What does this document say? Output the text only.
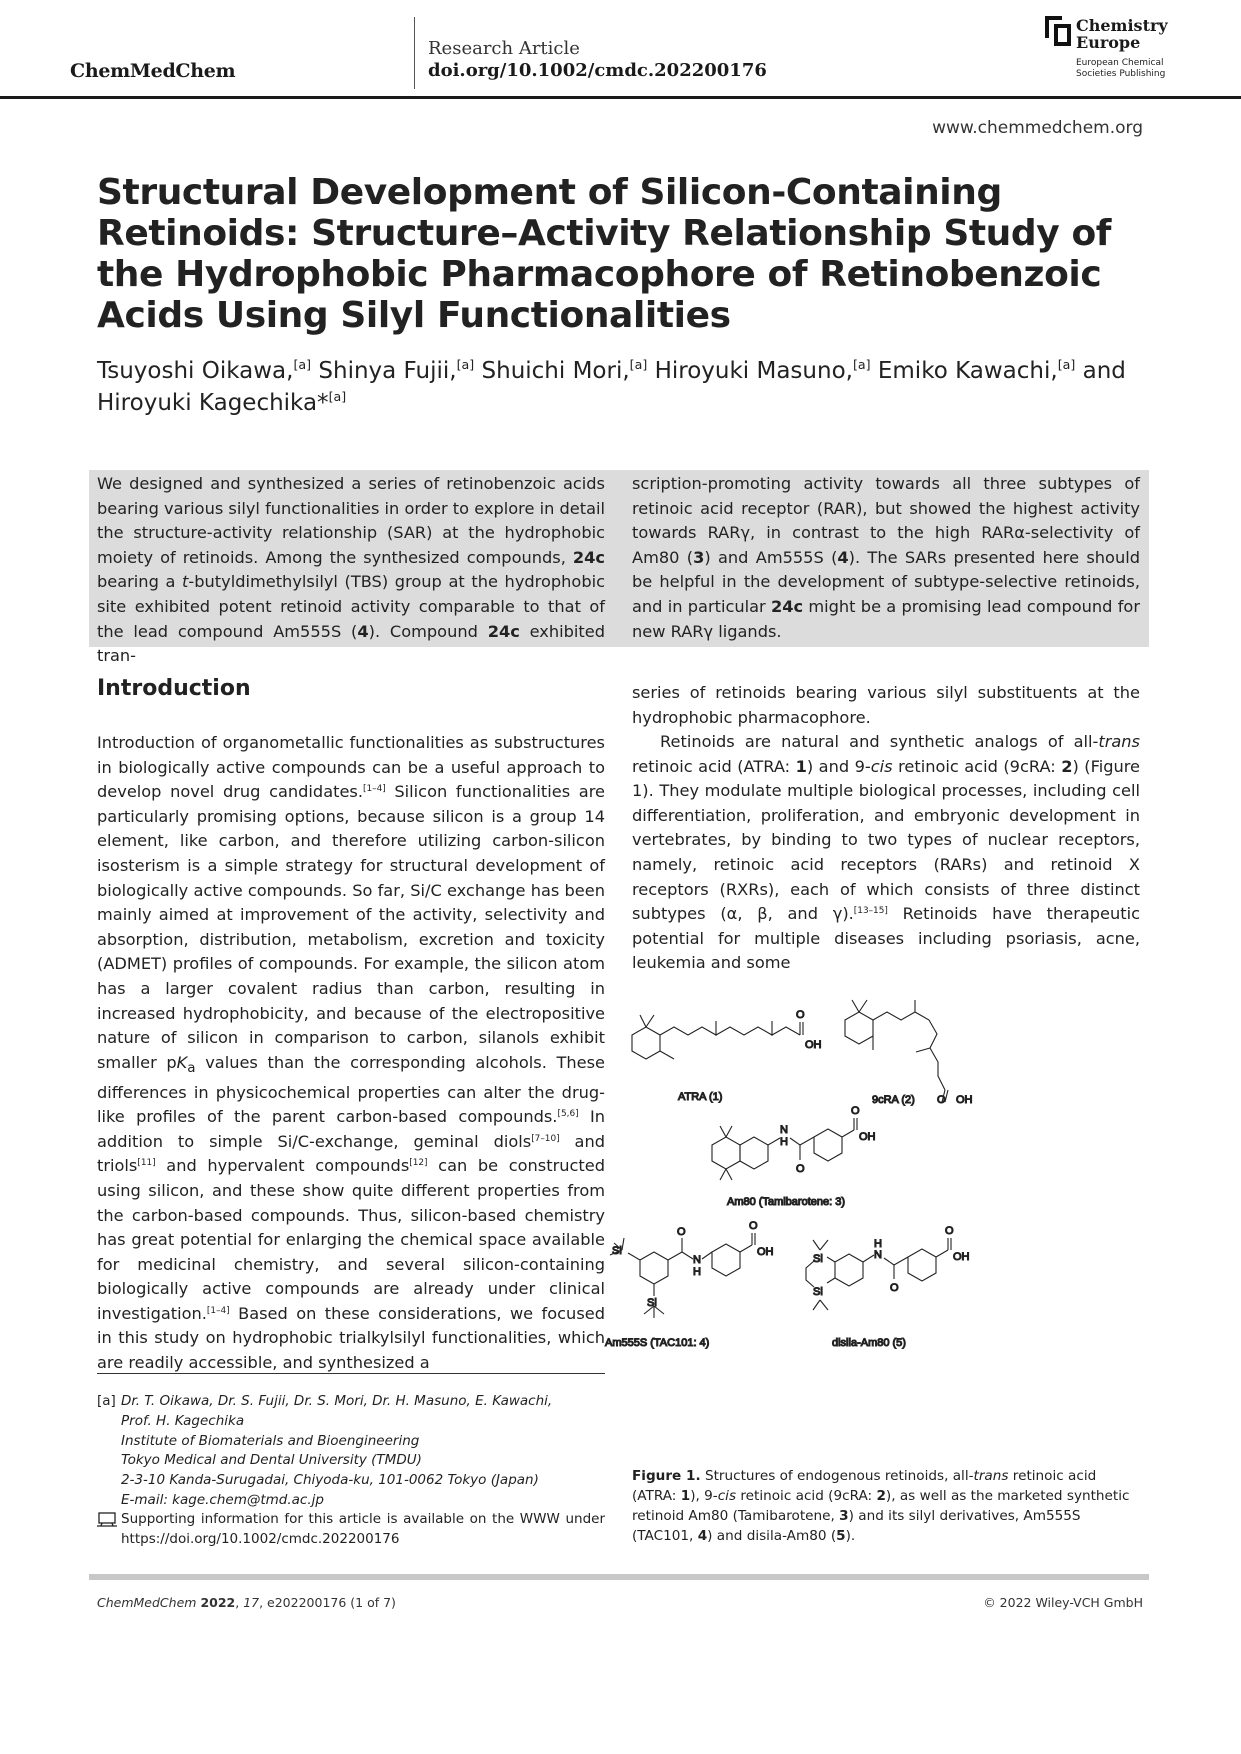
ChemMedChem
Research Article
doi.org/10.1002/cmdc.202200176
Chemistry
Europe
European Chemical
Societies Publishing
www.chemmedchem.org
Structural Development of Silicon-Containing Retinoids: Structure–Activity Relationship Study of the Hydrophobic Pharmacophore of Retinobenzoic Acids Using Silyl Functionalities
Tsuyoshi Oikawa,[a] Shinya Fujii,[a] Shuichi Mori,[a] Hiroyuki Masuno,[a] Emiko Kawachi,[a] and Hiroyuki Kagechika*[a]
We designed and synthesized a series of retinobenzoic acids bearing various silyl functionalities in order to explore in detail the structure-activity relationship (SAR) at the hydrophobic moiety of retinoids. Among the synthesized compounds, 24c bearing a t-butyldimethylsilyl (TBS) group at the hydrophobic site exhibited potent retinoid activity comparable to that of the lead compound Am555S (4). Compound 24c exhibited tran-
scription-promoting activity towards all three subtypes of retinoic acid receptor (RAR), but showed the highest activity towards RARγ, in contrast to the high RARα-selectivity of Am80 (3) and Am555S (4). The SARs presented here should be helpful in the development of subtype-selective retinoids, and in particular 24c might be a promising lead compound for new RARγ ligands.
Introduction
Introduction of organometallic functionalities as substructures in biologically active compounds can be a useful approach to develop novel drug candidates.[1–4] Silicon functionalities are particularly promising options, because silicon is a group 14 element, like carbon, and therefore utilizing carbon-silicon isosterism is a simple strategy for structural development of biologically active compounds. So far, Si/C exchange has been mainly aimed at improvement of the activity, selectivity and absorption, distribution, metabolism, excretion and toxicity (ADMET) profiles of compounds. For example, the silicon atom has a larger covalent radius than carbon, resulting in increased hydrophobicity, and because of the electropositive nature of silicon in comparison to carbon, silanols exhibit smaller $pK_a$ values than the corresponding alcohols. These differences in physicochemical properties can alter the drug-like profiles of the parent carbon-based compounds.[5,6] In addition to simple Si/C-exchange, geminal diols[7–10] and triols[11] and hypervalent compounds[12] can be constructed using silicon, and these show quite different properties from the carbon-based compounds. Thus, silicon-based chemistry has great potential for enlarging the chemical space available for medicinal chemistry, and several silicon-containing biologically active compounds are already under clinical investigation.[1–4] Based on these considerations, we focused in this study on hydrophobic trialkylsilyl functionalities, which are readily accessible, and synthesized a
series of retinoids bearing various silyl substituents at the hydrophobic pharmacophore.
Retinoids are natural and synthetic analogs of all-trans retinoic acid (ATRA: 1) and 9-cis retinoic acid (9cRA: 2) (Figure 1). They modulate multiple biological processes, including cell differentiation, proliferation, and embryonic development in vertebrates, by binding to two types of nuclear receptors, namely, retinoic acid receptors (RARs) and retinoid X receptors (RXRs), each of which consists of three distinct subtypes (α, β, and γ).[13–15] Retinoids have therapeutic potential for multiple diseases including psoriasis, acne, leukemia and some
O
OH
ATRA (1)	O OH
9cRA (2)
N
H
O
O
OH
Am80 (Tamibarotene: 3)
Si
Si
O
N
H
O
OH
Am555S (TAC101: 4)
Si
Si
N
H
O
O
OH
disila-Am80 (5)
Figure 1. Structures of endogenous retinoids, all-trans retinoic acid (ATRA: 1), 9-cis retinoic acid (9cRA: 2), as well as the marketed synthetic retinoid Am80 (Tamibarotene, 3) and its silyl derivatives, Am555S (TAC101, 4) and disila-Am80 (5).
[a] Dr. T. Oikawa, Dr. S. Fujii, Dr. S. Mori, Dr. H. Masuno, E. Kawachi,
Prof. H. Kagechika
Institute of Biomaterials and Bioengineering
Tokyo Medical and Dental University (TMDU)
2-3-10 Kanda-Surugadai, Chiyoda-ku, 101-0062 Tokyo (Japan)
E-mail: kage.chem@tmd.ac.jp
Supporting information for this article is available on the WWW under https://doi.org/10.1002/cmdc.202200176
ChemMedChem 2022, 17, e202200176 (1 of 7)	© 2022 Wiley-VCH GmbH
